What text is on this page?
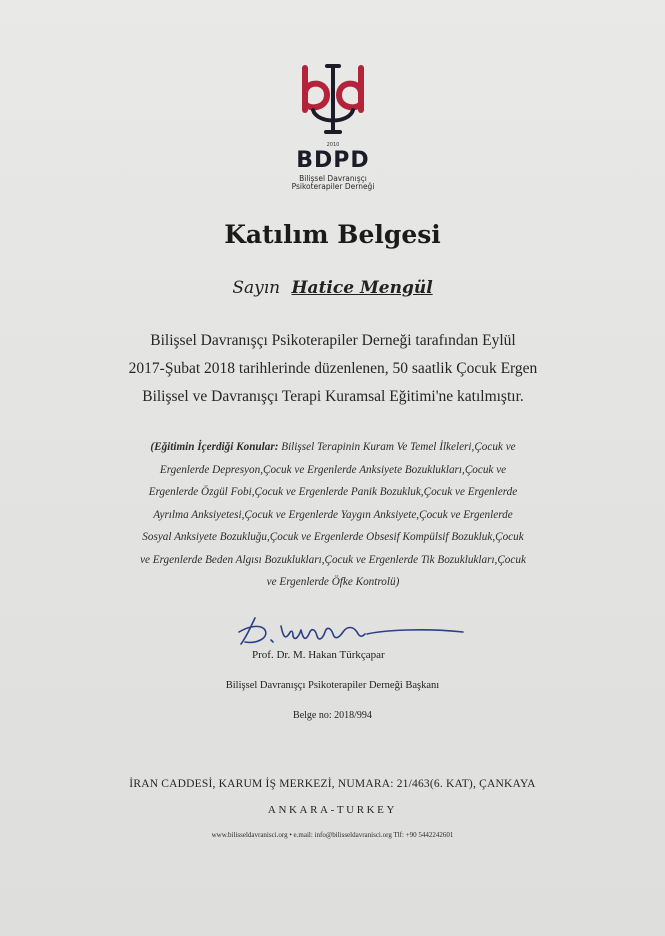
2010
BDPD
Bilişsel Davranışçı
Psikoterapiler Derneği
Katılım Belgesi
Sayın Hatice Mengül
Bilişsel Davranışçı Psikoterapiler Derneği tarafından Eylül
2017-Şubat 2018 tarihlerinde düzenlenen, 50 saatlik Çocuk Ergen
Bilişsel ve Davranışçı Terapi Kuramsal Eğitimi'ne katılmıştır.
(Eğitimin İçerdiği Konular: Bilişsel Terapinin Kuram Ve Temel İlkeleri,Çocuk ve
Ergenlerde Depresyon,Çocuk ve Ergenlerde Anksiyete Bozuklukları,Çocuk ve
Ergenlerde Özgül Fobi,Çocuk ve Ergenlerde Panik Bozukluk,Çocuk ve Ergenlerde
Ayrılma Anksiyetesi,Çocuk ve Ergenlerde Yaygın Anksiyete,Çocuk ve Ergenlerde
Sosyal Anksiyete Bozukluğu,Çocuk ve Ergenlerde Obsesif Kompülsif Bozukluk,Çocuk
ve Ergenlerde Beden Algısı Bozuklukları,Çocuk ve Ergenlerde Tik Bozuklukları,Çocuk
ve Ergenlerde Öfke Kontrolü)
Prof. Dr. M. Hakan Türkçapar
Bilişsel Davranışçı Psikoterapiler Derneği Başkanı
Belge no: 2018/994
İRAN CADDESİ, KARUM İŞ MERKEZİ, NUMARA: 21/463(6. KAT), ÇANKAYA
ANKARA-TURKEY
www.bilisseldavranisci.org • e.mail: info@bilisseldavranisci.org Tlf: +90 5442242601
